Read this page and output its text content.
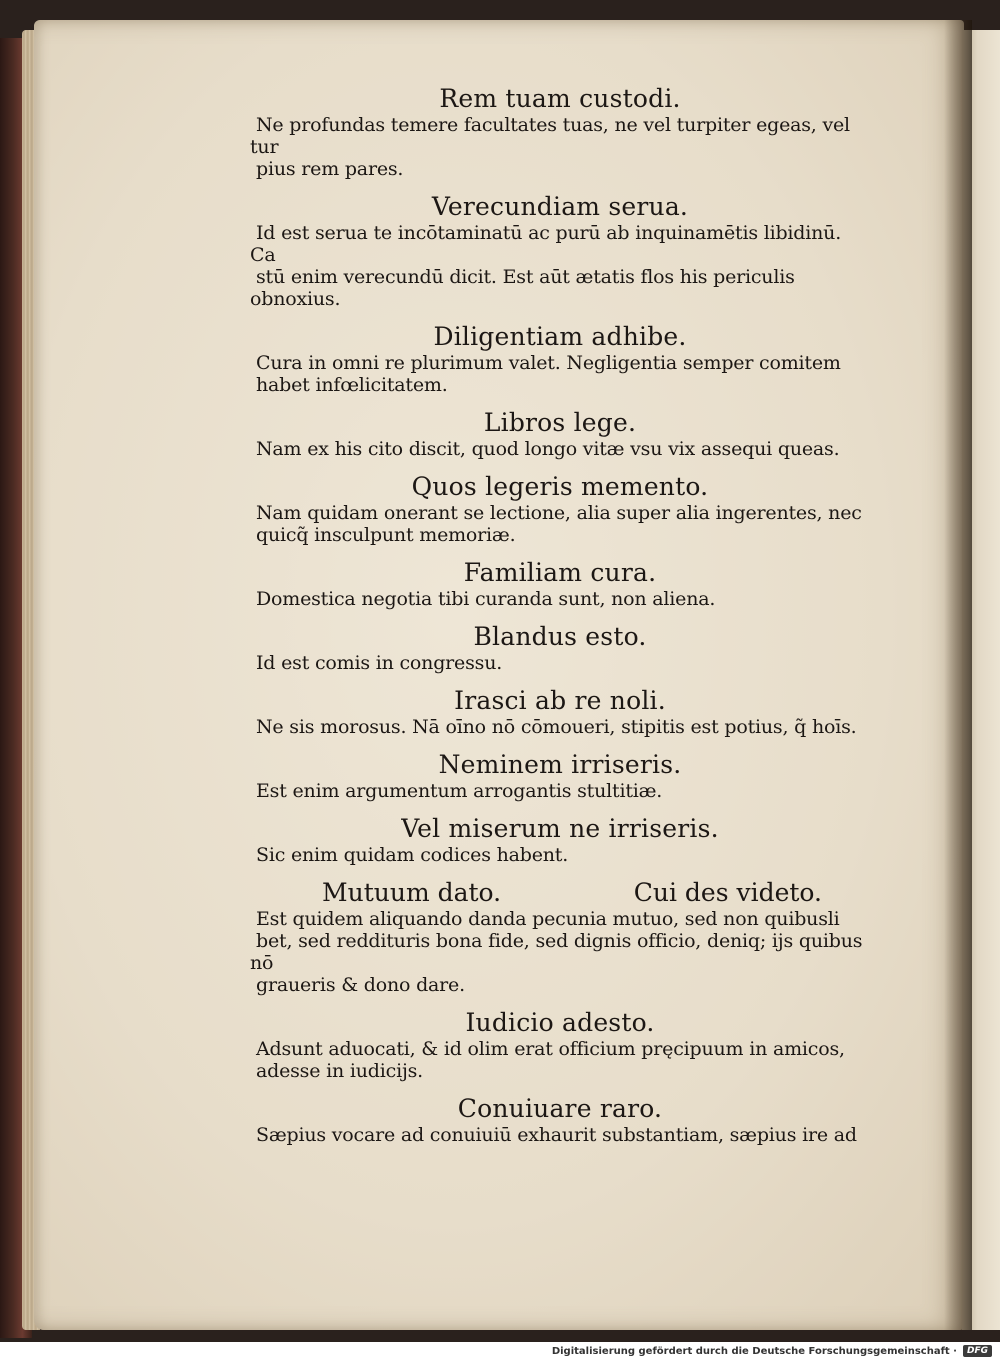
Rem tuam custodi.
Ne profundas temere facultates tuas, ne vel turpiter egeas, vel tur
pius rem pares.
Verecundiam serua.
Id est serua te incōtaminatū ac purū ab inquinamētis libidinū. Ca
stū enim verecundū dicit. Est aūt ætatis flos his periculis obnoxius.
Diligentiam adhibe.
Cura in omni re plurimum valet. Negligentia semper comitem
habet infœlicitatem.
Libros lege.
Nam ex his cito discit, quod longo vitæ vsu vix assequi queas.
Quos legeris memento.
Nam quidam onerant se lectione, alia super alia ingerentes, nec
quicq̃ insculpunt memoriæ.
Familiam cura.
Domestica negotia tibi curanda sunt, non aliena.
Blandus esto.
Id est comis in congressu.
Irasci ab re noli.
Ne sis morosus. Nā oīno nō cōmoueri, stipitis est potius, q̃ hoīs.
Neminem irriseris.
Est enim argumentum arrogantis stultitiæ.
Vel miserum ne irriseris.
Sic enim quidam codices habent.
Mutuum dato.	Cui des videto.
Est quidem aliquando danda pecunia mutuo, sed non quibusli
bet, sed reddituris bona fide, sed dignis officio, deniq; ijs quibus nō
graueris & dono dare.
Iudicio adesto.
Adsunt aduocati, & id olim erat officium pręcipuum in amicos,
adesse in iudicijs.
Conuiuare raro.
Sæpius vocare ad conuiuiū exhaurit substantiam, sæpius ire ad
Digitalisierung gefördert durch die Deutsche Forschungsgemeinschaft ·	DFG
